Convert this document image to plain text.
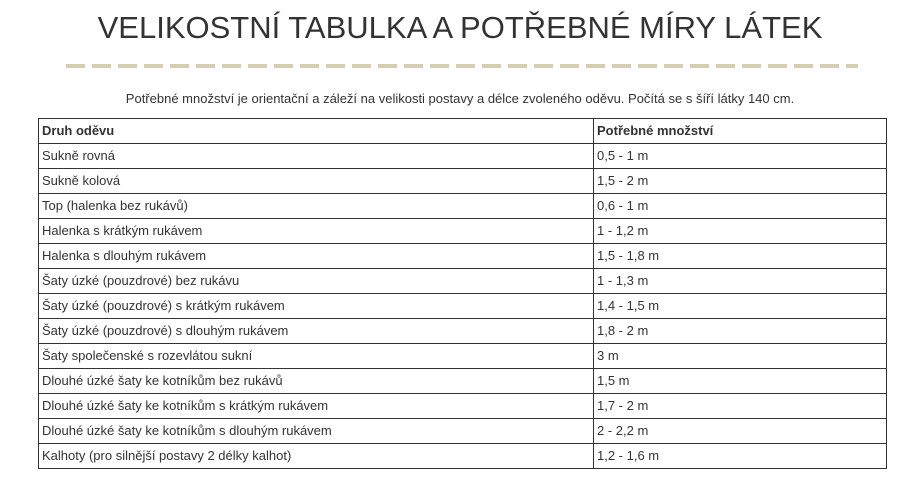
VELIKOSTNÍ TABULKA A POTŘEBNÉ MÍRY LÁTEK
Potřebné množství je orientační a záleží na velikosti postavy a délce zvoleného oděvu. Počítá se s šíří látky 140 cm.
Druh oděvu	Potřebné množství
Sukně rovná	0,5 - 1 m
Sukně kolová	1,5 - 2 m
Top (halenka bez rukávů)	0,6 - 1 m
Halenka s krátkým rukávem	1 - 1,2 m
Halenka s dlouhým rukávem	1,5 - 1,8 m
Šaty úzké (pouzdrové) bez rukávu	1 - 1,3 m
Šaty úzké (pouzdrové) s krátkým rukávem	1,4 - 1,5 m
Šaty úzké (pouzdrové) s dlouhým rukávem	1,8 - 2 m
Šaty společenské s rozevlátou sukní	3 m
Dlouhé úzké šaty ke kotníkům bez rukávů	1,5 m
Dlouhé úzké šaty ke kotníkům s krátkým rukávem	1,7 - 2 m
Dlouhé úzké šaty ke kotníkům s dlouhým rukávem	2 - 2,2 m
Kalhoty (pro silnější postavy 2 délky kalhot)	1,2 - 1,6 m
